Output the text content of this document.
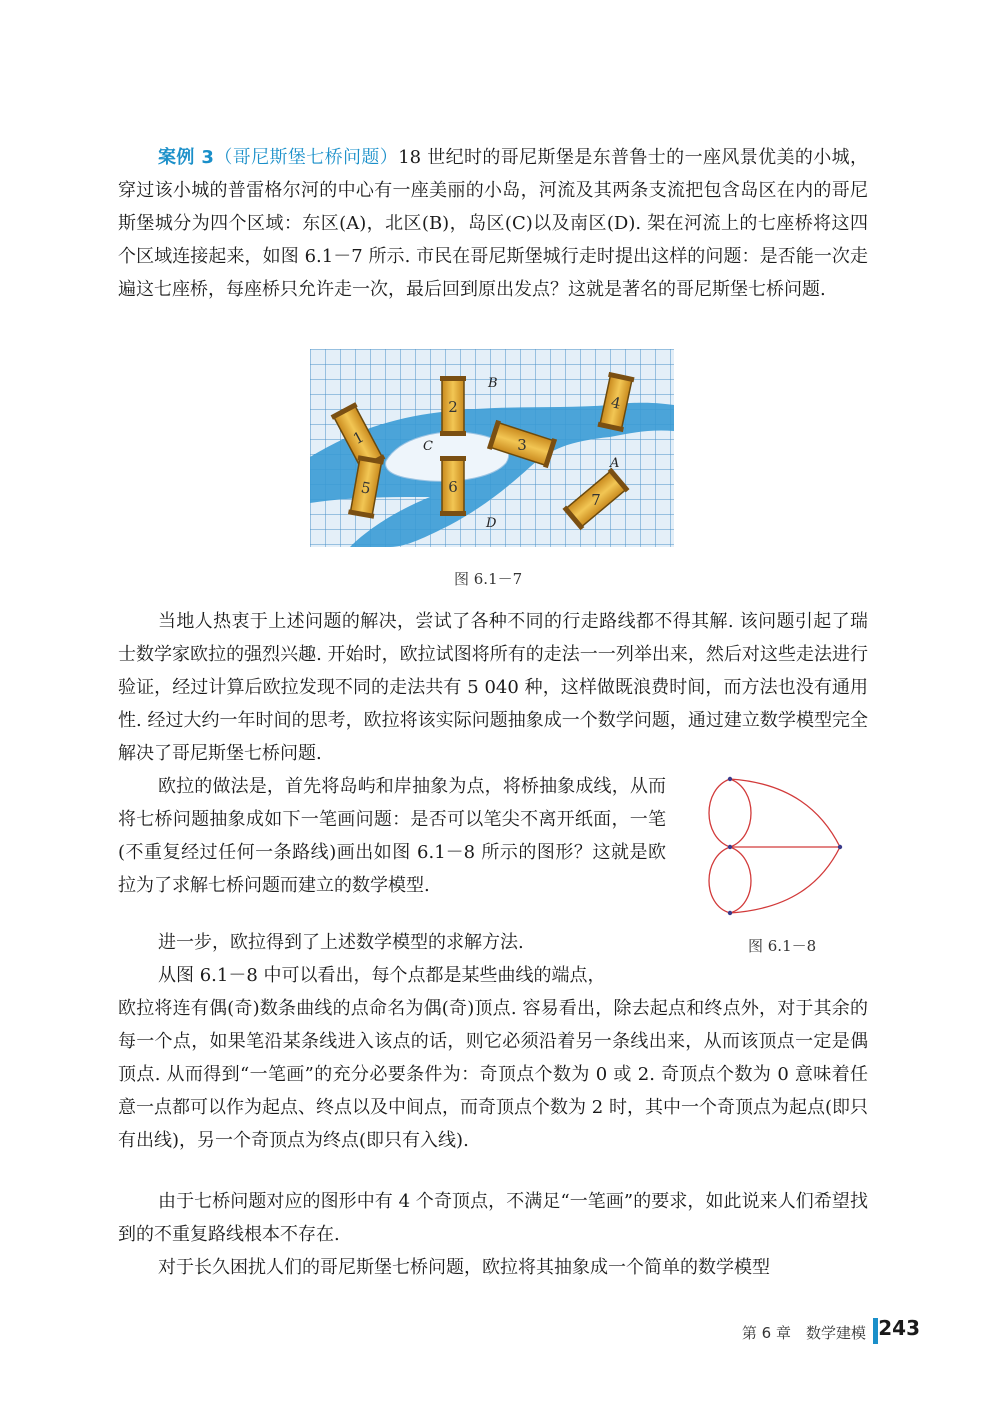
案例 3（哥尼斯堡七桥问题）18 世纪时的哥尼斯堡是东普鲁士的一座风景优美的小城，穿过该小城的普雷格尔河的中心有一座美丽的小岛，河流及其两条支流把包含岛区在内的哥尼斯堡城分为四个区域：东区(A)，北区(B)，岛区(C)以及南区(D). 架在河流上的七座桥将这四个区域连接起来，如图 6.1－7 所示. 市民在哥尼斯堡城行走时提出这样的问题：是否能一次走遍这七座桥，每座桥只允许走一次，最后回到原出发点？这就是著名的哥尼斯堡七桥问题.

B
C
A
D
1
2
3
4
5	6
7
图 6.1－7

当地人热衷于上述问题的解决，尝试了各种不同的行走路线都不得其解. 该问题引起了瑞士数学家欧拉的强烈兴趣. 开始时，欧拉试图将所有的走法一一列举出来，然后对这些走法进行验证，经过计算后欧拉发现不同的走法共有 5 040 种，这样做既浪费时间，而方法也没有通用性. 经过大约一年时间的思考，欧拉将该实际问题抽象成一个数学问题，通过建立数学模型完全解决了哥尼斯堡七桥问题.

欧拉的做法是，首先将岛屿和岸抽象为点，将桥抽象成线，从而将七桥问题抽象成如下一笔画问题：是否可以笔尖不离开纸面，一笔(不重复经过任何一条路线)画出如图 6.1－8 所示的图形？这就是欧拉为了求解七桥问题而建立的数学模型.

图 6.1－8

进一步，欧拉得到了上述数学模型的求解方法.

从图 6.1－8 中可以看出，每个点都是某些曲线的端点，

欧拉将连有偶(奇)数条曲线的点命名为偶(奇)顶点. 容易看出，除去起点和终点外，对于其余的每一个点，如果笔沿某条线进入该点的话，则它必须沿着另一条线出来，从而该顶点一定是偶顶点. 从而得到“一笔画”的充分必要条件为：奇顶点个数为 0 或 2. 奇顶点个数为 0 意味着任意一点都可以作为起点、终点以及中间点，而奇顶点个数为 2 时，其中一个奇顶点为起点(即只有出线)，另一个奇顶点为终点(即只有入线).

由于七桥问题对应的图形中有 4 个奇顶点，不满足“一笔画”的要求，如此说来人们希望找到的不重复路线根本不存在.

对于长久困扰人们的哥尼斯堡七桥问题，欧拉将其抽象成一个简单的数学模型

第 6 章　数学建模 243
